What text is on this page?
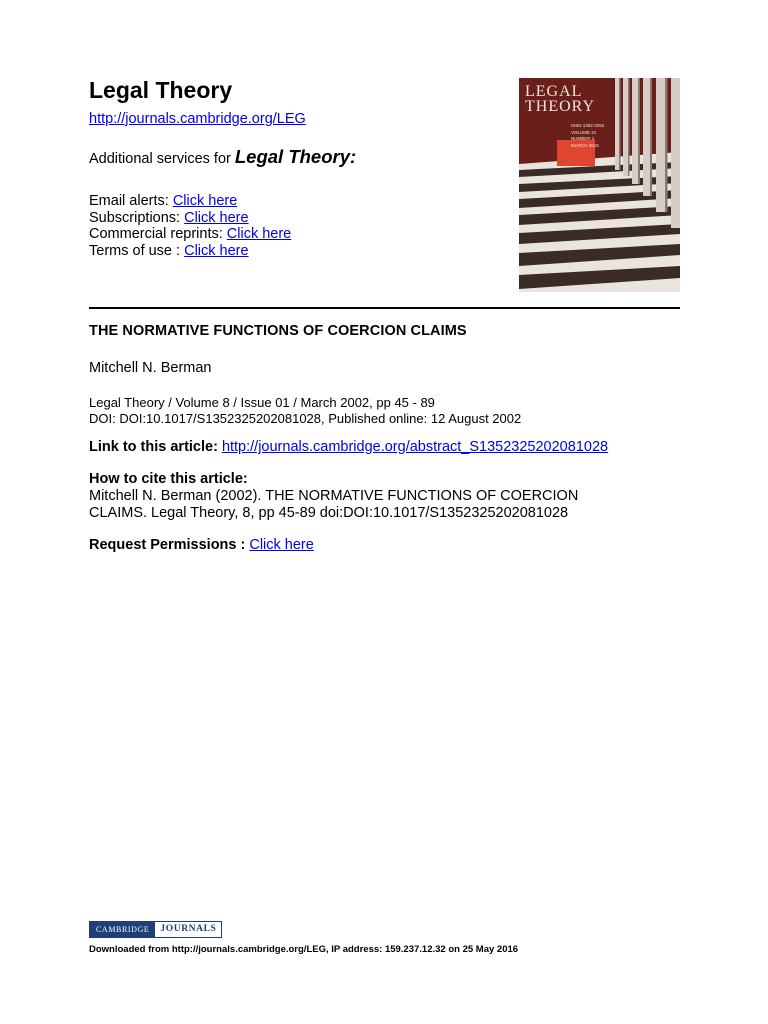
Legal Theory
http://journals.cambridge.org/LEG
Additional services for Legal Theory:
Email alerts: Click here
Subscriptions: Click here
Commercial reprints: Click here
Terms of use : Click here
LEGAL
THEORY
ISSN 1352-3252
VOLUME 21
NUMBER 1
MARCH 2015
CAMBRIDGE
THE NORMATIVE FUNCTIONS OF COERCION CLAIMS
Mitchell N. Berman
Legal Theory / Volume 8 / Issue 01 / March 2002, pp 45 - 89
DOI: DOI:10.1017/S1352325202081028, Published online: 12 August 2002
Link to this article: http://journals.cambridge.org/abstract_S1352325202081028
How to cite this article:
Mitchell N. Berman (2002). THE NORMATIVE FUNCTIONS OF COERCION
CLAIMS. Legal Theory, 8, pp 45-89 doi:DOI:10.1017/S1352325202081028
Request Permissions : Click here
CAMBRIDGE	JOURNALS
Downloaded from http://journals.cambridge.org/LEG, IP address: 159.237.12.32 on 25 May 2016
